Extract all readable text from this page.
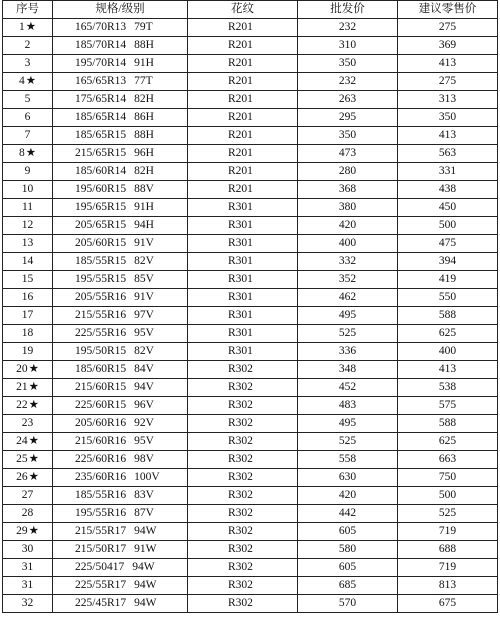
序号	规格/级别	花纹	批发价	建议零售价
1★	165/70R13 79T	R201	232	275
2	185/70R14 88H	R201	310	369
3	195/70R14 91H	R201	350	413
4★	165/65R13 77T	R201	232	275
5	175/65R14 82H	R201	263	313
6	185/65R14 86H	R201	295	350
7	185/65R15 88H	R201	350	413
8★	215/65R15 96H	R201	473	563
9	185/60R14 82H	R201	280	331
10	195/60R15 88V	R201	368	438
11	195/65R15 91H	R301	380	450
12	205/65R15 94H	R301	420	500
13	205/60R15 91V	R301	400	475
14	185/55R15 82V	R301	332	394
15	195/55R15 85V	R301	352	419
16	205/55R16 91V	R301	462	550
17	215/55R16 97V	R301	495	588
18	225/55R16 95V	R301	525	625
19	195/50R15 82V	R301	336	400
20★	185/60R15 84V	R302	348	413
21★	215/60R15 94V	R302	452	538
22★	225/60R15 96V	R302	483	575
23	205/60R16 92V	R302	495	588
24★	215/60R16 95V	R302	525	625
25★	225/60R16 98V	R302	558	663
26★	235/60R16 100V	R302	630	750
27	185/55R16 83V	R302	420	500
28	195/55R16 87V	R302	442	525
29★	215/55R17 94W	R302	605	719
30	215/50R17 91W	R302	580	688
31	225/50417 94W	R302	605	719
31	225/55R17 94W	R302	685	813
32	225/45R17 94W	R302	570	675
